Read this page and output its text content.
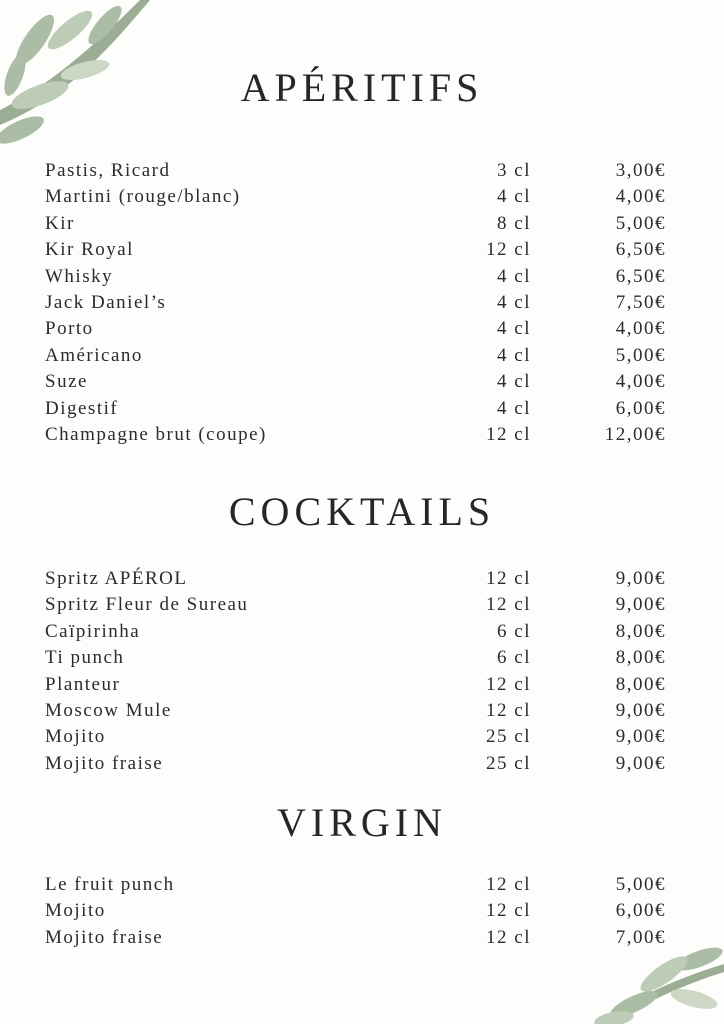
APÉRITIFS
Pastis, Ricard	3 cl	3,00€
Martini (rouge/blanc)	4 cl	4,00€
Kir	8 cl	5,00€
Kir Royal	12 cl	6,50€
Whisky	4 cl	6,50€
Jack Daniel’s	4 cl	7,50€
Porto	4 cl	4,00€
Américano	4 cl	5,00€
Suze	4 cl	4,00€
Digestif	4 cl	6,00€
Champagne brut (coupe)	12 cl	12,00€
COCKTAILS
Spritz APÉROL	12 cl	9,00€
Spritz Fleur de Sureau	12 cl	9,00€
Caïpirinha	6 cl	8,00€
Ti punch	6 cl	8,00€
Planteur	12 cl	8,00€
Moscow Mule	12 cl	9,00€
Mojito	25 cl	9,00€
Mojito fraise	25 cl	9,00€
VIRGIN
Le fruit punch	12 cl	5,00€
Mojito	12 cl	6,00€
Mojito fraise	12 cl	7,00€
